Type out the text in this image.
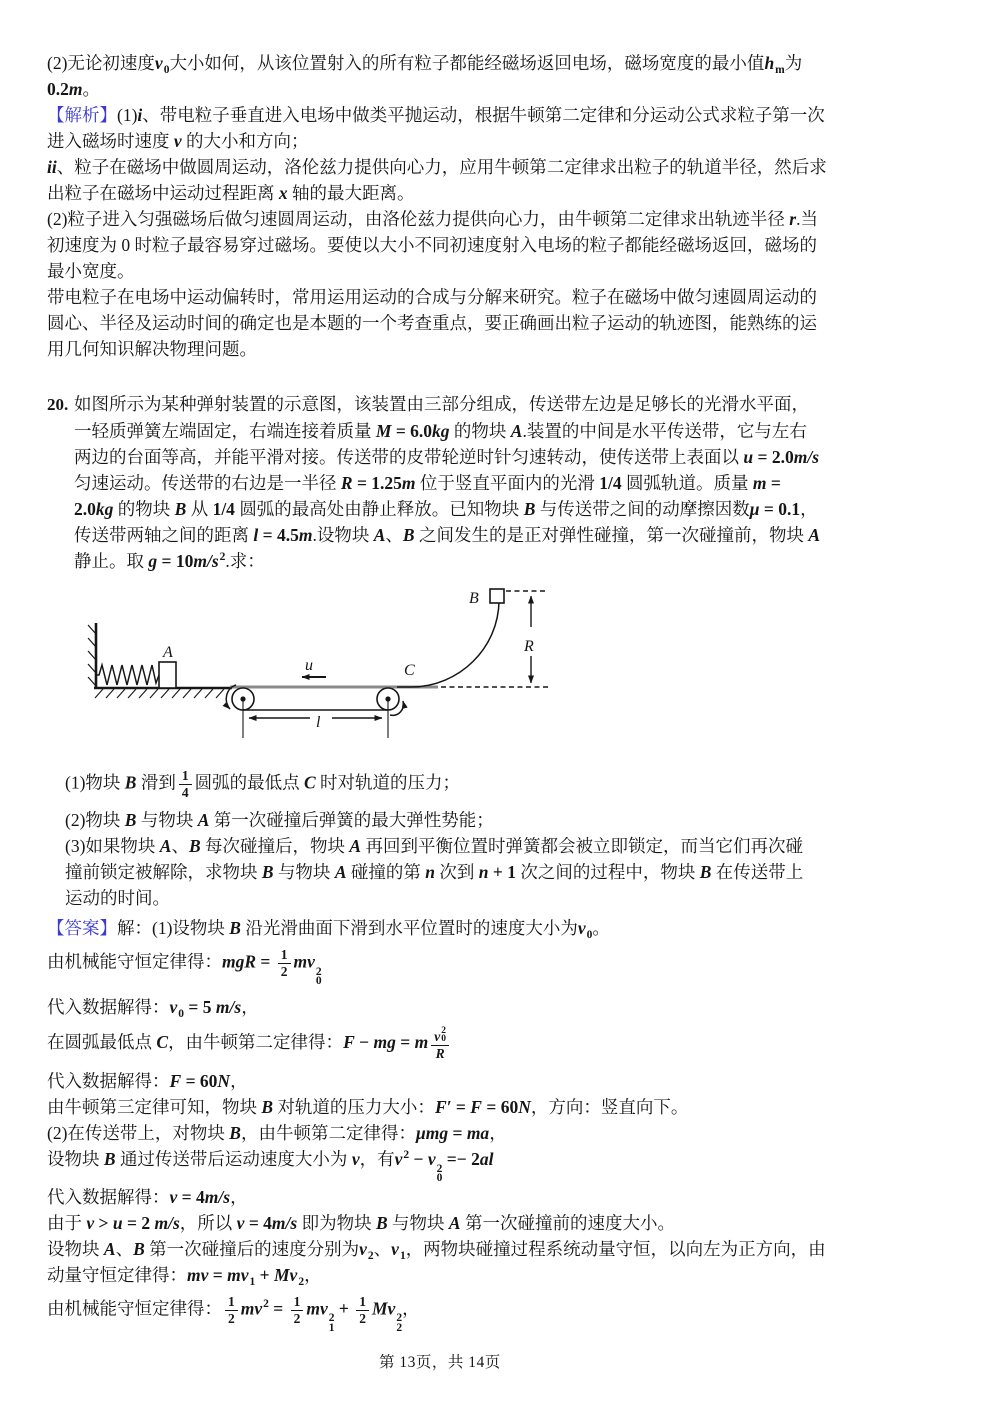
(2)无论初速度$v_0$大小如何，从该位置射入的所有粒子都能经磁场返回电场，磁场宽度的最小值$h_m$为
0.2m。
【解析】(1)i、带电粒子垂直进入电场中做类平抛运动，根据牛顿第二定律和分运动公式求粒子第一次
进入磁场时速度 v 的大小和方向；
ii、粒子在磁场中做圆周运动，洛伦兹力提供向心力，应用牛顿第二定律求出粒子的轨道半径，然后求
出粒子在磁场中运动过程距离 x 轴的最大距离。
(2)粒子进入匀强磁场后做匀速圆周运动，由洛伦兹力提供向心力，由牛顿第二定律求出轨迹半径 r.当
初速度为 0 时粒子最容易穿过磁场。要使以大小不同初速度射入电场的粒子都能经磁场返回，磁场的
最小宽度。
带电粒子在电场中运动偏转时，常用运用运动的合成与分解来研究。粒子在磁场中做匀速圆周运动的
圆心、半径及运动时间的确定也是本题的一个考查重点，要正确画出粒子运动的轨迹图，能熟练的运
用几何知识解决物理问题。
20. 如图所示为某种弹射装置的示意图，该装置由三部分组成，传送带左边是足够长的光滑水平面，
一轻质弹簧左端固定，右端连接着质量 M = 6.0kg 的物块 A.装置的中间是水平传送带，它与左右
两边的台面等高，并能平滑对接。传送带的皮带轮逆时针匀速转动，使传送带上表面以 u = 2.0m/s
匀速运动。传送带的右边是一半径 R = 1.25m 位于竖直平面内的光滑 1/4 圆弧轨道。质量 m =
2.0kg 的物块 B 从 1/4 圆弧的最高处由静止释放。已知物块 B 与传送带之间的动摩擦因数μ = 0.1，
传送带两轴之间的距离 l = 4.5m.设物块 A、B 之间发生的是正对弹性碰撞，第一次碰撞前，物块 A
静止。取 $g = 10m/s^2$.求：
A
B
C
u
R
l
(1)物块 B 滑到 $\frac{1}{4}$ 圆弧的最低点 C 时对轨道的压力；
(2)物块 B 与物块 A 第一次碰撞后弹簧的最大弹性势能；
(3)如果物块 A、B 每次碰撞后，物块 A 再回到平衡位置时弹簧都会被立即锁定，而当它们再次碰
撞前锁定被解除，求物块 B 与物块 A 碰撞的第 n 次到 n + 1 次之间的过程中，物块 B 在传送带上
运动的时间。
【答案】解：(1)设物块 B 沿光滑曲面下滑到水平位置时的速度大小为$v_0$。
由机械能守恒定律得：mgR = $\frac{1}{2}$ mv 2
0
代入数据解得：$v_0 = 5$ m/s，
在圆弧最低点 C，由牛顿第二定律得：F − mg = m v 2
0
R
代入数据解得：F = 60N，
由牛顿第三定律可知，物块 B 对轨道的压力大小：F′ = F = 60N，方向：竖直向下。
(2)在传送带上，对物块 B，由牛顿第二定律得：μmg = ma，
设物块 B 通过传送带后运动速度大小为 v，有$v^2 - v$ 2
0
=− 2al
代入数据解得：v = 4m/s，
由于 v > u = 2 m/s，所以 v = 4m/s 即为物块 B 与物块 A 第一次碰撞前的速度大小。
设物块 A、B 第一次碰撞后的速度分别为$v_2$、$v_1$，两物块碰撞过程系统动量守恒，以向左为正方向，由
动量守恒定律得：mv = $mv_1 + Mv_2$，
由机械能守恒定律得： $\frac{1}{2} mv^2 = \frac{1}{2}$ mv 2
1
+ $\frac{1}{2}$ Mv 2
2
，
第 13页，共 14页
